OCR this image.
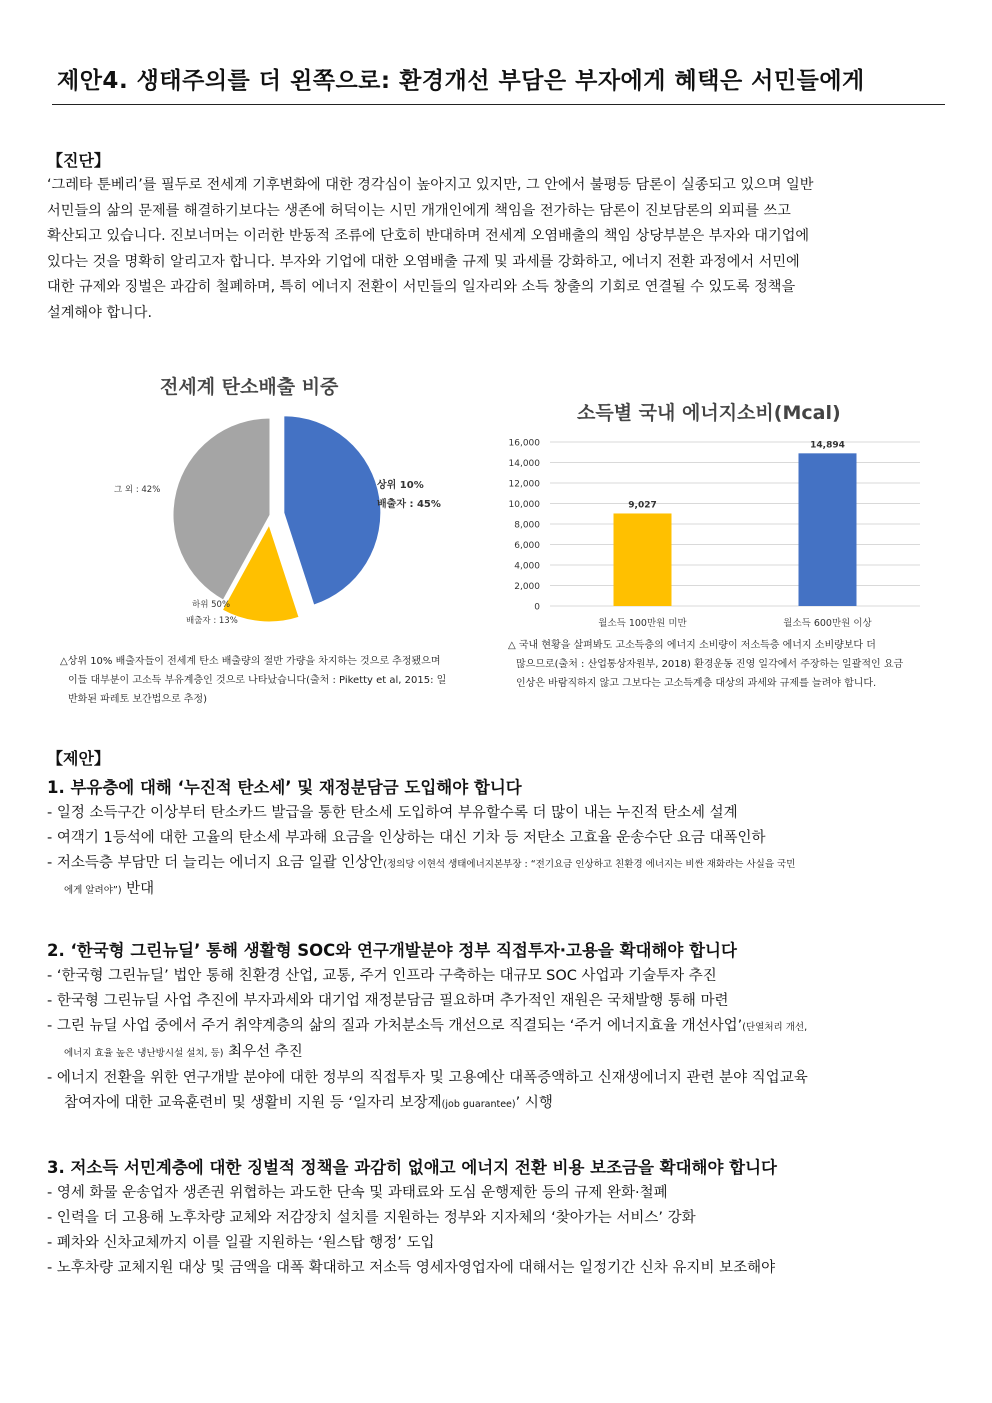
제안4. 생태주의를 더 왼쪽으로: 환경개선 부담은 부자에게 혜택은 서민들에게
【진단】
‘그레타 툰베리’를 필두로 전세계 기후변화에 대한 경각심이 높아지고 있지만, 그 안에서 불평등 담론이 실종되고 있으며 일반
서민들의 삶의 문제를 해결하기보다는 생존에 허덕이는 시민 개개인에게 책임을 전가하는 담론이 진보담론의 외피를 쓰고
확산되고 있습니다. 진보너머는 이러한 반동적 조류에 단호히 반대하며 전세계 오염배출의 책임 상당부분은 부자와 대기업에
있다는 것을 명확히 알리고자 합니다. 부자와 기업에 대한 오염배출 규제 및 과세를 강화하고, 에너지 전환 과정에서 서민에
대한 규제와 징벌은 과감히 철폐하며, 특히 에너지 전환이 서민들의 일자리와 소득 창출의 기회로 연결될 수 있도록 정책을
설계해야 합니다.
전세계 탄소배출 비중
상위 10%
배출자 : 45%
하위 50%
배출자 : 13%
그 외 : 42%
소득별 국내 에너지소비(Mcal)
0
2,000
4,000
6,000
8,000
10,000
12,000
14,000
16,000
9,027
월소득 100만원 미만
14,894
월소득 600만원 이상
△상위 10% 배출자들이 전세계 탄소 배출량의 절반 가량을 차지하는 것으로 추정됐으며
이들 대부분이 고소득 부유계층인 것으로 나타났습니다(출처 : Piketty et al, 2015: 일
반화된 파레토 보간법으로 추정)
△ 국내 현황을 살펴봐도 고소득층의 에너지 소비량이 저소득층 에너지 소비량보다 더
많으므로(출처 : 산업통상자원부, 2018) 환경운동 진영 일각에서 주장하는 일괄적인 요금
인상은 바람직하지 않고 그보다는 고소득계층 대상의 과세와 규제를 늘려야 합니다.
【제안】
1. 부유층에 대해 ‘누진적 탄소세’ 및 재정분담금 도입해야 합니다
- 일정 소득구간 이상부터 탄소카드 발급을 통한 탄소세 도입하여 부유할수록 더 많이 내는 누진적 탄소세 설계
- 여객기 1등석에 대한 고율의 탄소세 부과해 요금을 인상하는 대신 기차 등 저탄소 고효율 운송수단 요금 대폭인하
- 저소득층 부담만 더 늘리는 에너지 요금 일괄 인상안(정의당 이현석 생태에너지본부장 : “전기요금 인상하고 친환경 에너지는 비싼 재화라는 사실을 국민
에게 알려야”) 반대
2. ‘한국형 그린뉴딜’ 통해 생활형 SOC와 연구개발분야 정부 직접투자·고용을 확대해야 합니다
- ‘한국형 그린뉴딜’ 법안 통해 친환경 산업, 교통, 주거 인프라 구축하는 대규모 SOC 사업과 기술투자 추진
- 한국형 그린뉴딜 사업 추진에 부자과세와 대기업 재정분담금 필요하며 추가적인 재원은 국채발행 통해 마련
- 그린 뉴딜 사업 중에서 주거 취약계층의 삶의 질과 가처분소득 개선으로 직결되는 ‘주거 에너지효율 개선사업’(단열처리 개선,
에너지 효율 높은 냉난방시설 설치, 등) 최우선 추진
- 에너지 전환을 위한 연구개발 분야에 대한 정부의 직접투자 및 고용예산 대폭증액하고 신재생에너지 관련 분야 직업교육
참여자에 대한 교육훈련비 및 생활비 지원 등 ‘일자리 보장제(job guarantee)’ 시행
3. 저소득 서민계층에 대한 징벌적 정책을 과감히 없애고 에너지 전환 비용 보조금을 확대해야 합니다
- 영세 화물 운송업자 생존권 위협하는 과도한 단속 및 과태료와 도심 운행제한 등의 규제 완화·철폐
- 인력을 더 고용해 노후차량 교체와 저감장치 설치를 지원하는 정부와 지자체의 ‘찾아가는 서비스’ 강화
- 폐차와 신차교체까지 이를 일괄 지원하는 ‘원스탑 행정’ 도입
- 노후차량 교체지원 대상 및 금액을 대폭 확대하고 저소득 영세자영업자에 대해서는 일정기간 신차 유지비 보조해야
